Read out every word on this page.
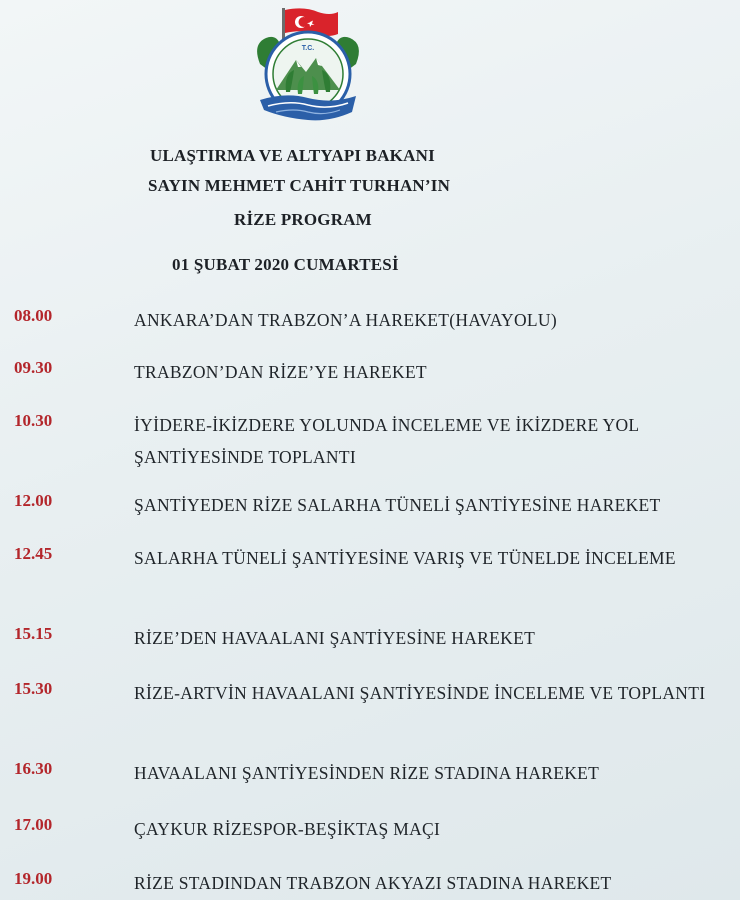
T.C.
ULAŞTIRMA VE ALTYAPI BAKANI
SAYIN MEHMET CAHİT TURHAN’IN
RİZE PROGRAM
01 ŞUBAT 2020 CUMARTESİ
08.00	ANKARA’DAN TRABZON’A HAREKET(HAVAYOLU)
09.30	TRABZON’DAN RİZE’YE HAREKET
10.30	İYİDERE-İKİZDERE YOLUNDA İNCELEME VE İKİZDERE YOL ŞANTİYESİNDE TOPLANTI
12.00	ŞANTİYEDEN RİZE SALARHA TÜNELİ ŞANTİYESİNE HAREKET
12.45	SALARHA TÜNELİ ŞANTİYESİNE VARIŞ VE TÜNELDE İNCELEME
15.15	RİZE’DEN HAVAALANI ŞANTİYESİNE HAREKET
15.30	RİZE-ARTVİN HAVAALANI ŞANTİYESİNDE İNCELEME VE TOPLANTI
16.30	HAVAALANI ŞANTİYESİNDEN RİZE STADINA HAREKET
17.00	ÇAYKUR RİZESPOR-BEŞİKTAŞ MAÇI
19.00	RİZE STADINDAN TRABZON AKYAZI STADINA HAREKET
